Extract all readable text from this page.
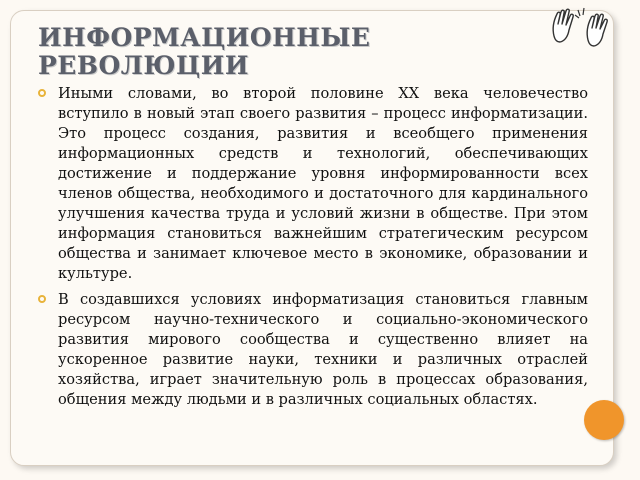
ИНФОРМАЦИОННЫЕ РЕВОЛЮЦИИ
Иными словами, во второй половине XX века человечество вступило в новый этап своего развития – процесс информатизации. Это процесс создания, развития и всеобщего применения информационных средств и технологий, обеспечивающих достижение и поддержание уровня информированности всех членов общества, необходимого и достаточного для кардинального улучшения качества труда и условий жизни в обществе. При этом информация становиться важнейшим стратегическим ресурсом общества и занимает ключевое место в экономике, образовании и культуре.
В создавшихся условиях информатизация становиться главным ресурсом научно-технического и социально-экономического развития мирового сообщества и существенно влияет на ускоренное развитие науки, техники и различных отраслей хозяйства, играет значительную роль в процессах образования, общения между людьми и в различных социальных областях.
